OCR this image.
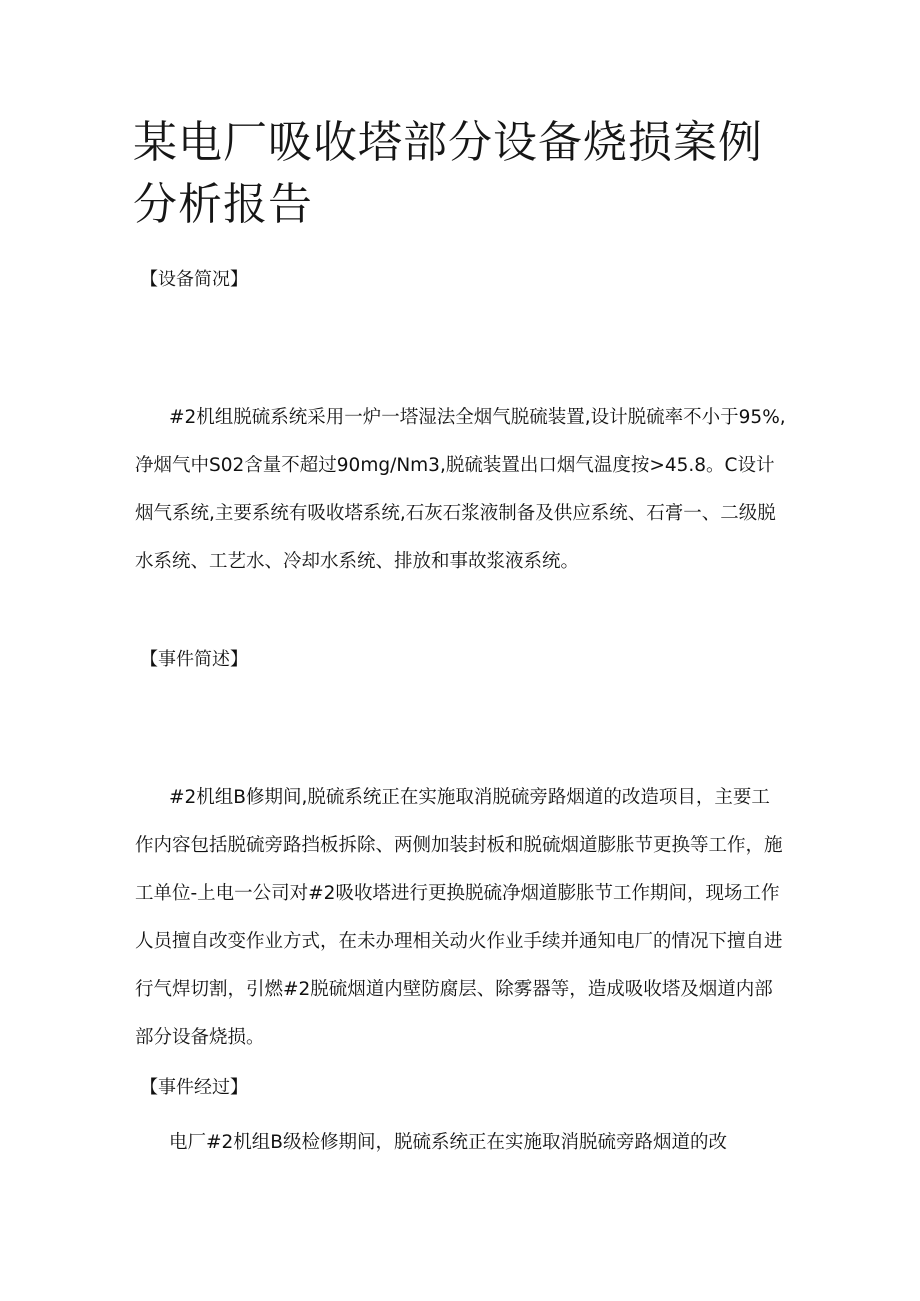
某电厂吸收塔部分设备烧损案例分析报告
【设备简况】

#2机组脱硫系统采用一炉一塔湿法全烟气脱硫装置,设计脱硫率不小于95%,净烟气中S02含量不超过90mg∕Nm3,脱硫装置出口烟气温度按>45.8。C设计烟气系统,主要系统有吸收塔系统,石灰石浆液制备及供应系统、石膏一、二级脱水系统、工艺水、冷却水系统、排放和事故浆液系统。

【事件简述】

#2机组B修期间,脱硫系统正在实施取消脱硫旁路烟道的改造项目，主要工作内容包括脱硫旁路挡板拆除、两侧加装封板和脱硫烟道膨胀节更换等工作，施工单位-上电一公司对#2吸收塔进行更换脱硫净烟道膨胀节工作期间，现场工作人员擅自改变作业方式，在未办理相关动火作业手续并通知电厂的情况下擅自进行气焊切割，引燃#2脱硫烟道内壁防腐层、除雾器等，造成吸收塔及烟道内部部分设备烧损。

【事件经过】

电厂#2机组B级检修期间，脱硫系统正在实施取消脱硫旁路烟道的改
